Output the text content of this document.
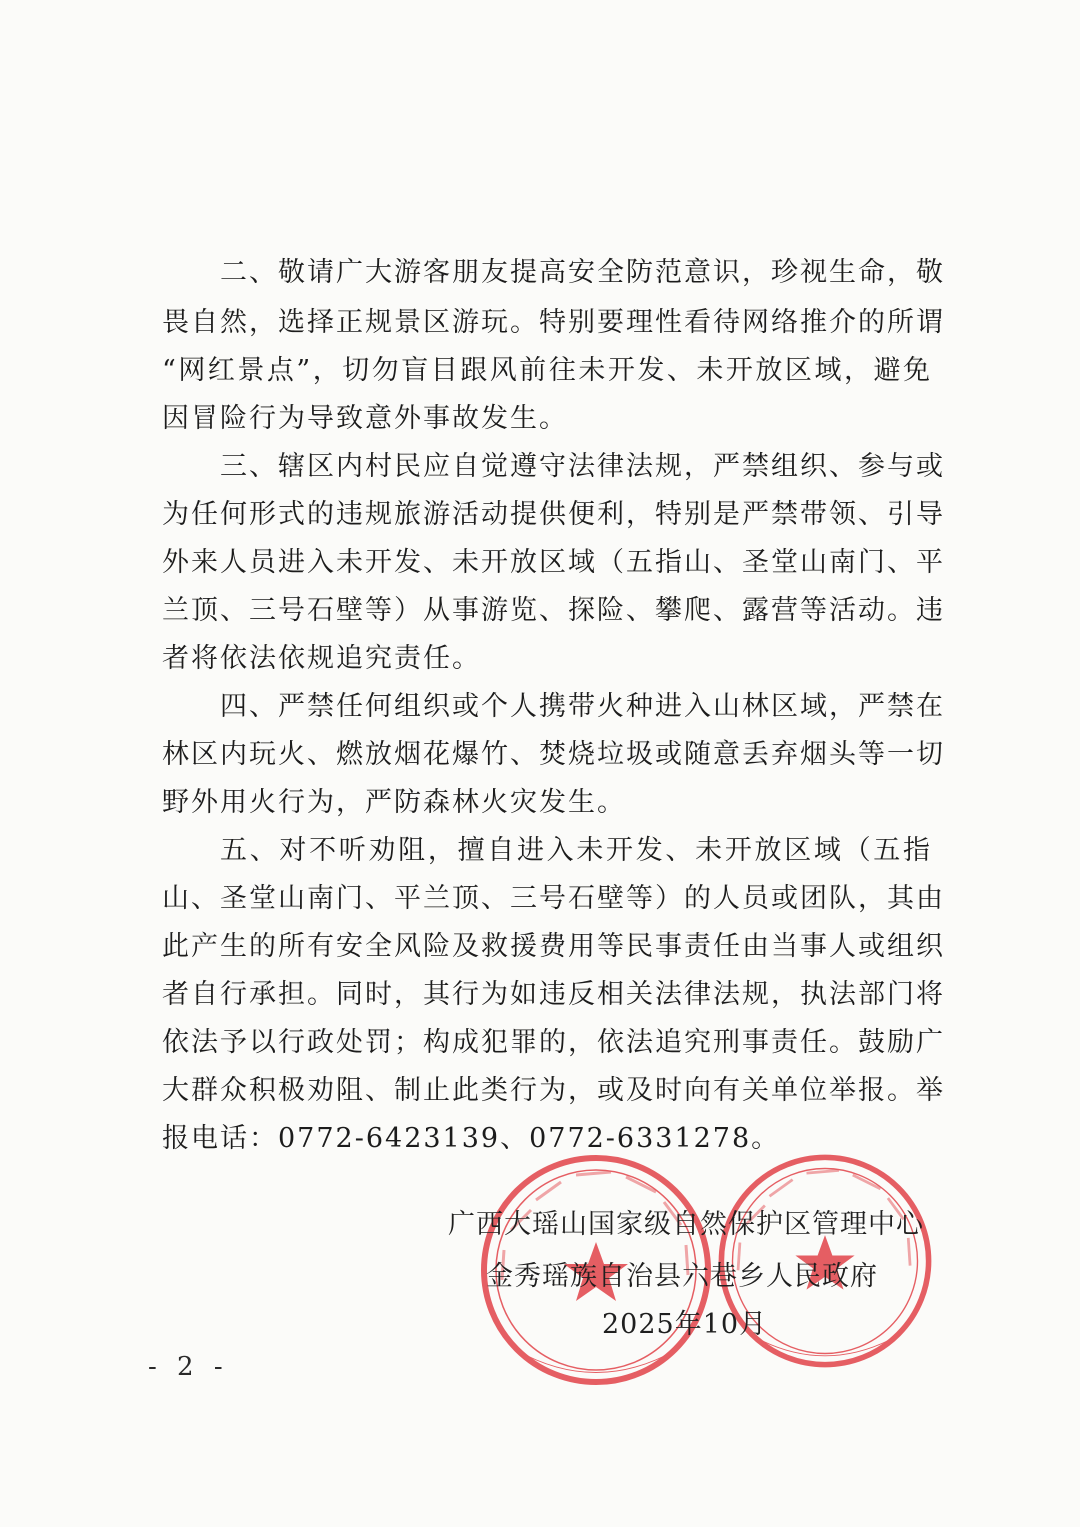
二、敬请广大游客朋友提高安全防范意识，珍视生命，敬
畏自然，选择正规景区游玩。特别要理性看待网络推介的所谓
“网红景点”，切勿盲目跟风前往未开发、未开放区域，避免
因冒险行为导致意外事故发生。
三、辖区内村民应自觉遵守法律法规，严禁组织、参与或
为任何形式的违规旅游活动提供便利，特别是严禁带领、引导
外来人员进入未开发、未开放区域（五指山、圣堂山南门、平
兰顶、三号石壁等）从事游览、探险、攀爬、露营等活动。违
者将依法依规追究责任。
四、严禁任何组织或个人携带火种进入山林区域，严禁在
林区内玩火、燃放烟花爆竹、焚烧垃圾或随意丢弃烟头等一切
野外用火行为，严防森林火灾发生。
五、对不听劝阻，擅自进入未开发、未开放区域（五指
山、圣堂山南门、平兰顶、三号石壁等）的人员或团队，其由
此产生的所有安全风险及救援费用等民事责任由当事人或组织
者自行承担。同时，其行为如违反相关法律法规，执法部门将
依法予以行政处罚；构成犯罪的，依法追究刑事责任。鼓励广
大群众积极劝阻、制止此类行为，或及时向有关单位举报。举
报电话：0772-6423139、0772-6331278。
广西大瑶山国家级自然保护区管理中心
金秀瑶族自治县六巷乡人民政府
2025年10月
- 2 -
